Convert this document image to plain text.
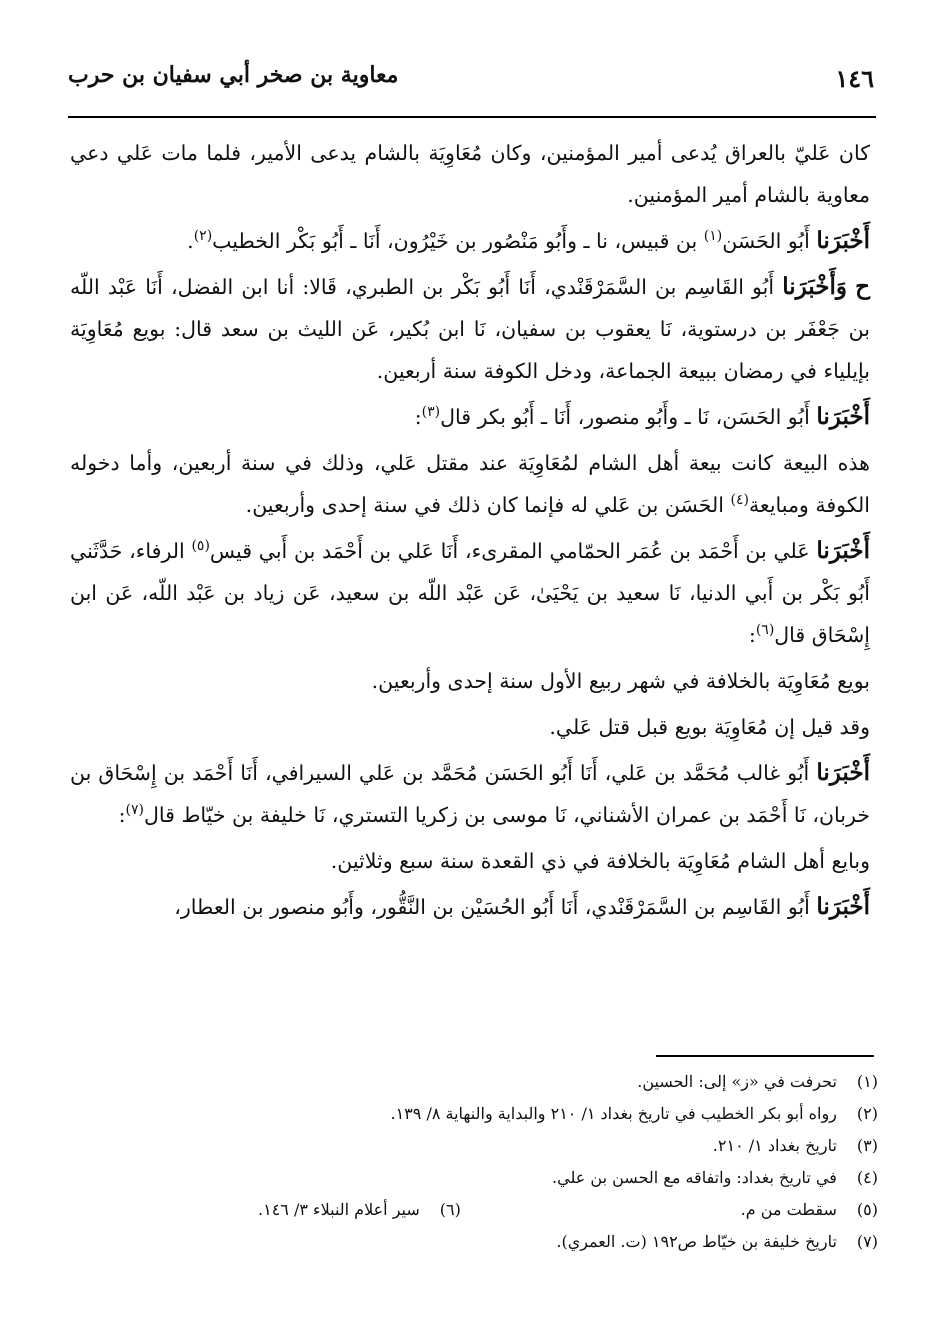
١٤٦
معاوية بن صخر أبي سفيان بن حرب

كان عَليّ بالعراق يُدعى أمير المؤمنين، وكان مُعَاوِيَة بالشام يدعى الأمير، فلما مات عَلي دعي معاوية بالشام أمير المؤمنين.

أَخْبَرَنا أَبُو الحَسَن$^{(١)}$ بن قبيس، نا ـ وأَبُو مَنْصُور بن خَيْرُون، أَنَا ـ أَبُو بَكْر الخطيب$^{(٢)}$.

ح وَأَخْبَرَنا أَبُو القَاسِم بن السَّمَرْقَنْدي، أَنَا أَبُو بَكْر بن الطبري، قَالا: أنا ابن الفضل، أَنَا عَبْد اللّه بن جَعْفَر بن درستوية، نَا يعقوب بن سفيان، نَا ابن بُكير، عَن الليث بن سعد قال: بويع مُعَاوِيَة بإيلياء في رمضان ببيعة الجماعة، ودخل الكوفة سنة أربعين.

أَخْبَرَنا أَبُو الحَسَن، نَا ـ وأَبُو منصور، أَنَا ـ أَبُو بكر قال$^{(٣)}$:

هذه البيعة كانت بيعة أهل الشام لمُعَاوِيَة عند مقتل عَلي، وذلك في سنة أربعين، وأما دخوله الكوفة ومبايعة$^{(٤)}$ الحَسَن بن عَلي له فإنما كان ذلك في سنة إحدى وأربعين.

أَخْبَرَنا عَلي بن أَحْمَد بن عُمَر الحمّامي المقرىء، أَنَا عَلي بن أَحْمَد بن أَبي قيس$^{(٥)}$ الرفاء، حَدَّثَني أَبُو بَكْر بن أَبي الدنيا، نَا سعيد بن يَحْيَىٰ، عَن عَبْد اللّه بن سعيد، عَن زياد بن عَبْد اللّه، عَن ابن إِسْحَاق قال$^{(٦)}$:

بويع مُعَاوِيَة بالخلافة في شهر ربيع الأول سنة إحدى وأربعين.

وقد قيل إن مُعَاوِيَة بويع قبل قتل عَلي.

أَخْبَرَنا أَبُو غالب مُحَمَّد بن عَلي، أَنَا أَبُو الحَسَن مُحَمَّد بن عَلي السيرافي، أَنَا أَحْمَد بن إِسْحَاق بن خربان، نَا أَحْمَد بن عمران الأشناني، نَا موسى بن زكريا التستري، نَا خليفة بن خيّاط قال$^{(٧)}$:

وبايع أهل الشام مُعَاوِيَة بالخلافة في ذي القعدة سنة سبع وثلاثين.

أَخْبَرَنا أَبُو القَاسِم بن السَّمَرْقَنْدي، أَنَا أَبُو الحُسَيْن بن النَّقُّور، وأَبُو منصور بن العطار،

(١) تحرفت في «ز» إلى: الحسين.
(٢) رواه أبو بكر الخطيب في تاريخ بغداد ١/ ٢١٠ والبداية والنهاية ٨/ ١٣٩.
(٣) تاريخ بغداد ١/ ٢١٠.
(٤) في تاريخ بغداد: واتفاقه مع الحسن بن علي.
(٥) سقطت من م.
(٦) سير أعلام النبلاء ٣/ ١٤٦.
(٧) تاريخ خليفة بن خيّاط ص١٩٢ (ت. العمري).
